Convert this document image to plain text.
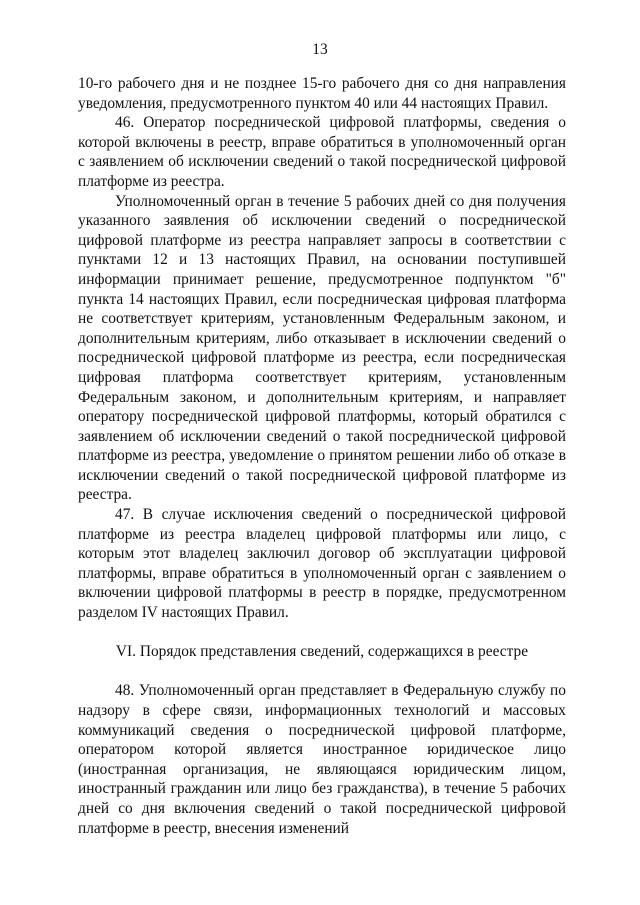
13

10-го рабочего дня и не позднее 15-го рабочего дня со дня направления уведомления, предусмотренного пунктом 40 или 44 настоящих Правил.

46. Оператор посреднической цифровой платформы, сведения о которой включены в реестр, вправе обратиться в уполномоченный орган с заявлением об исключении сведений о такой посреднической цифровой платформе из реестра.

Уполномоченный орган в течение 5 рабочих дней со дня получения указанного заявления об исключении сведений о посреднической цифровой платформе из реестра направляет запросы в соответствии с пунктами 12 и 13 настоящих Правил, на основании поступившей информации принимает решение, предусмотренное подпунктом "б" пункта 14 настоящих Правил, если посредническая цифровая платформа не соответствует критериям, установленным Федеральным законом, и дополнительным критериям, либо отказывает в исключении сведений о посреднической цифровой платформе из реестра, если посредническая цифровая платформа соответствует критериям, установленным Федеральным законом, и дополнительным критериям, и направляет оператору посреднической цифровой платформы, который обратился с заявлением об исключении сведений о такой посреднической цифровой платформе из реестра, уведомление о принятом решении либо об отказе в исключении сведений о такой посреднической цифровой платформе из реестра.

47. В случае исключения сведений о посреднической цифровой платформе из реестра владелец цифровой платформы или лицо, с которым этот владелец заключил договор об эксплуатации цифровой платформы, вправе обратиться в уполномоченный орган с заявлением о включении цифровой платформы в реестр в порядке, предусмотренном разделом IV настоящих Правил.

VI. Порядок представления сведений, содержащихся в реестре

48. Уполномоченный орган представляет в Федеральную службу по надзору в сфере связи, информационных технологий и массовых коммуникаций сведения о посреднической цифровой платформе, оператором которой является иностранное юридическое лицо (иностранная организация, не являющаяся юридическим лицом, иностранный гражданин или лицо без гражданства), в течение 5 рабочих дней со дня включения сведений о такой посреднической цифровой платформе в реестр, внесения изменений
